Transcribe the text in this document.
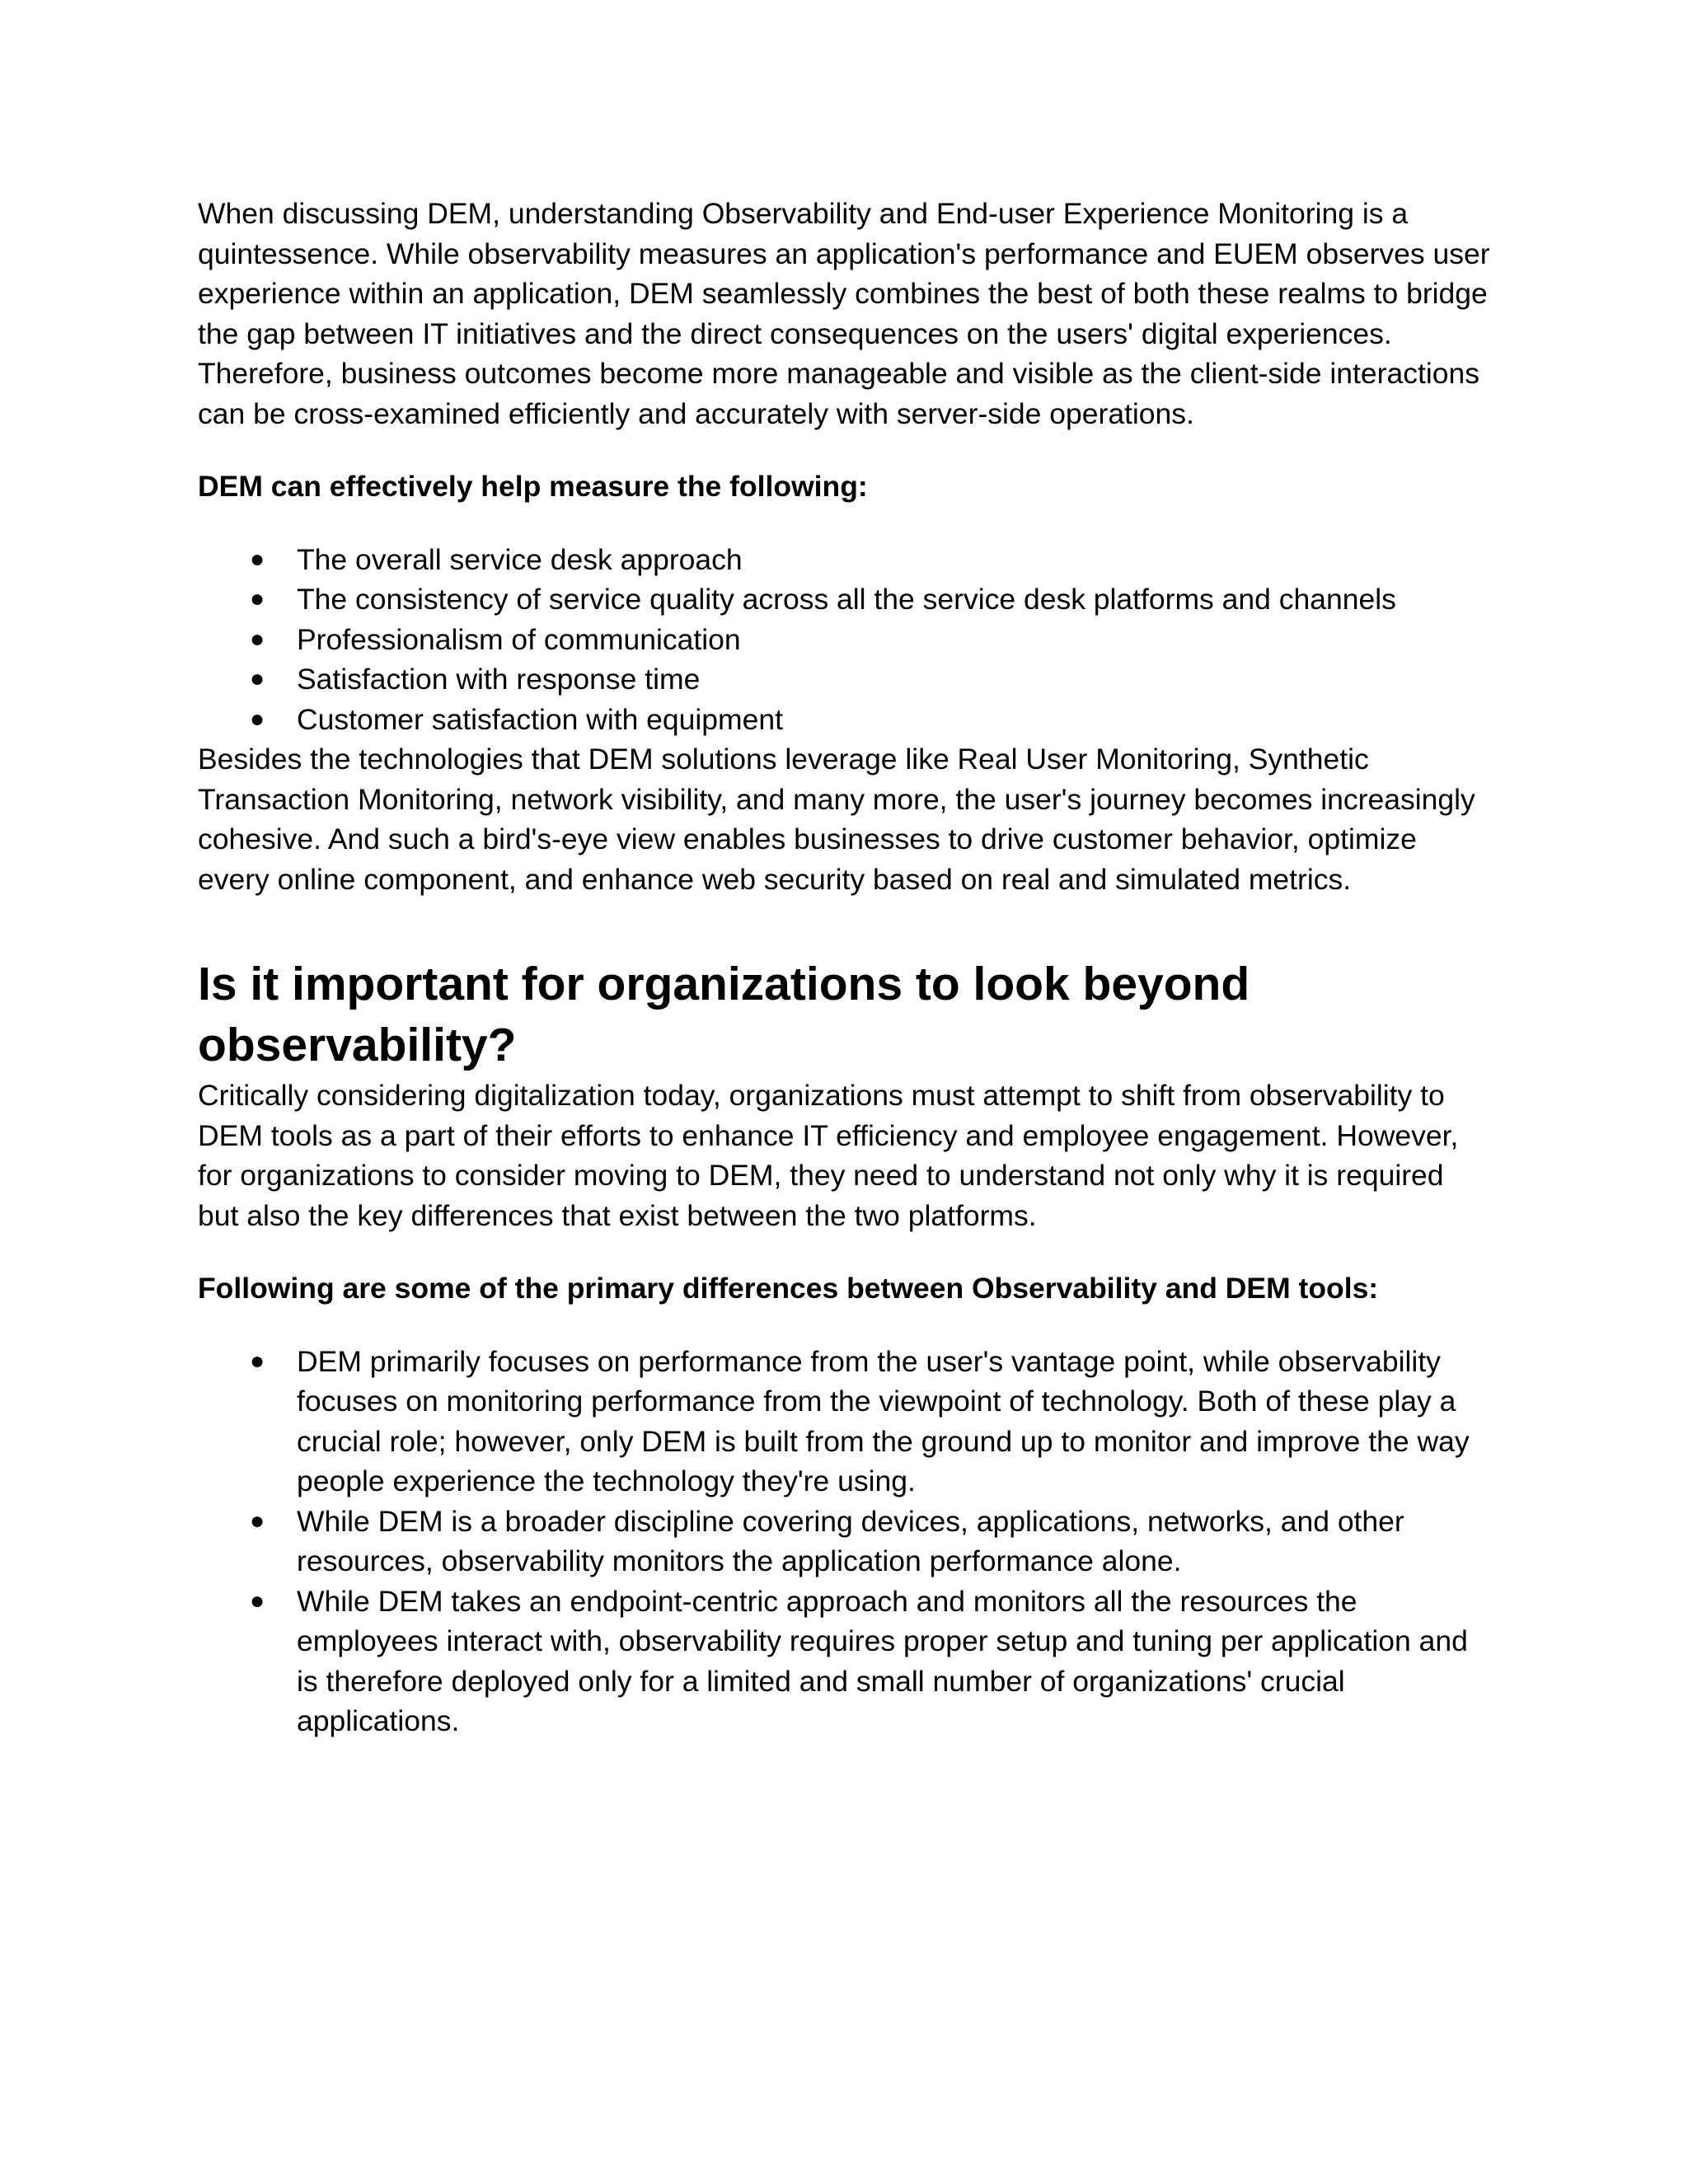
When discussing DEM, understanding Observability and End-user Experience Monitoring is a quintessence. While observability measures an application's performance and EUEM observes user experience within an application, DEM seamlessly combines the best of both these realms to bridge the gap between IT initiatives and the direct consequences on the users' digital experiences. Therefore, business outcomes become more manageable and visible as the client-side interactions can be cross-examined efficiently and accurately with server-side operations.

DEM can effectively help measure the following:

● The overall service desk approach
● The consistency of service quality across all the service desk platforms and channels
● Professionalism of communication
● Satisfaction with response time
● Customer satisfaction with equipment

Besides the technologies that DEM solutions leverage like Real User Monitoring, Synthetic Transaction Monitoring, network visibility, and many more, the user's journey becomes increasingly cohesive. And such a bird's-eye view enables businesses to drive customer behavior, optimize every online component, and enhance web security based on real and simulated metrics.

Is it important for organizations to look beyond observability?

Critically considering digitalization today, organizations must attempt to shift from observability to DEM tools as a part of their efforts to enhance IT efficiency and employee engagement. However, for organizations to consider moving to DEM, they need to understand not only why it is required but also the key differences that exist between the two platforms.

Following are some of the primary differences between Observability and DEM tools:

● DEM primarily focuses on performance from the user's vantage point, while observability focuses on monitoring performance from the viewpoint of technology. Both of these play a crucial role; however, only DEM is built from the ground up to monitor and improve the way people experience the technology they're using.
● While DEM is a broader discipline covering devices, applications, networks, and other resources, observability monitors the application performance alone.
● While DEM takes an endpoint-centric approach and monitors all the resources the employees interact with, observability requires proper setup and tuning per application and is therefore deployed only for a limited and small number of organizations' crucial applications.
